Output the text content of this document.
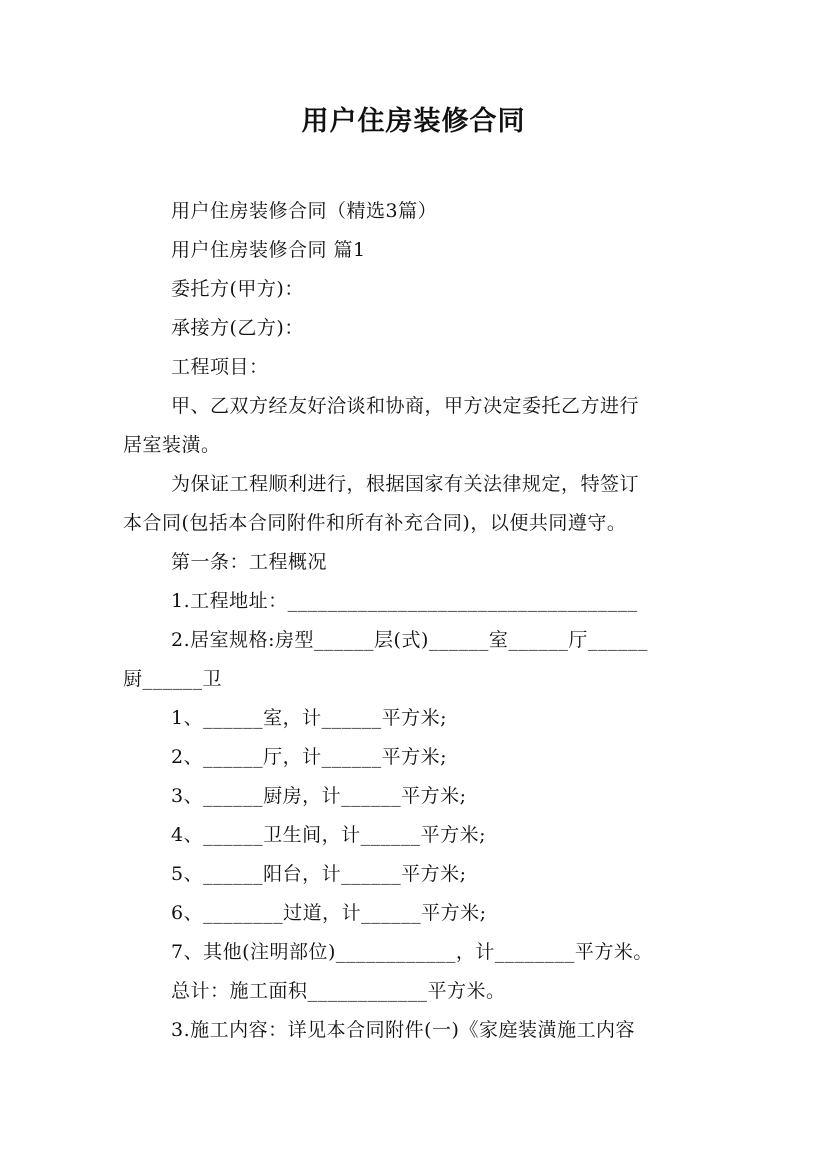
用户住房装修合同
用户住房装修合同（精选3篇）
用户住房装修合同 篇1
委托方(甲方)：
承接方(乙方)：
工程项目：
甲、乙双方经友好洽谈和协商，甲方决定委托乙方进行
居室装潢。
为保证工程顺利进行，根据国家有关法律规定，特签订
本合同(包括本合同附件和所有补充合同)，以便共同遵守。
第一条：工程概况
1.工程地址：___________________________________
2.居室规格:房型______层(式)______室______厅______
厨______卫
1、______室，计______平方米;
2、______厅，计______平方米;
3、______厨房，计______平方米;
4、______卫生间，计______平方米;
5、______阳台，计______平方米;
6、________过道，计______平方米;
7、其他(注明部位)____________，计________平方米。
总计：施工面积____________平方米。
3.施工内容：详见本合同附件(一)《家庭装潢施工内容
